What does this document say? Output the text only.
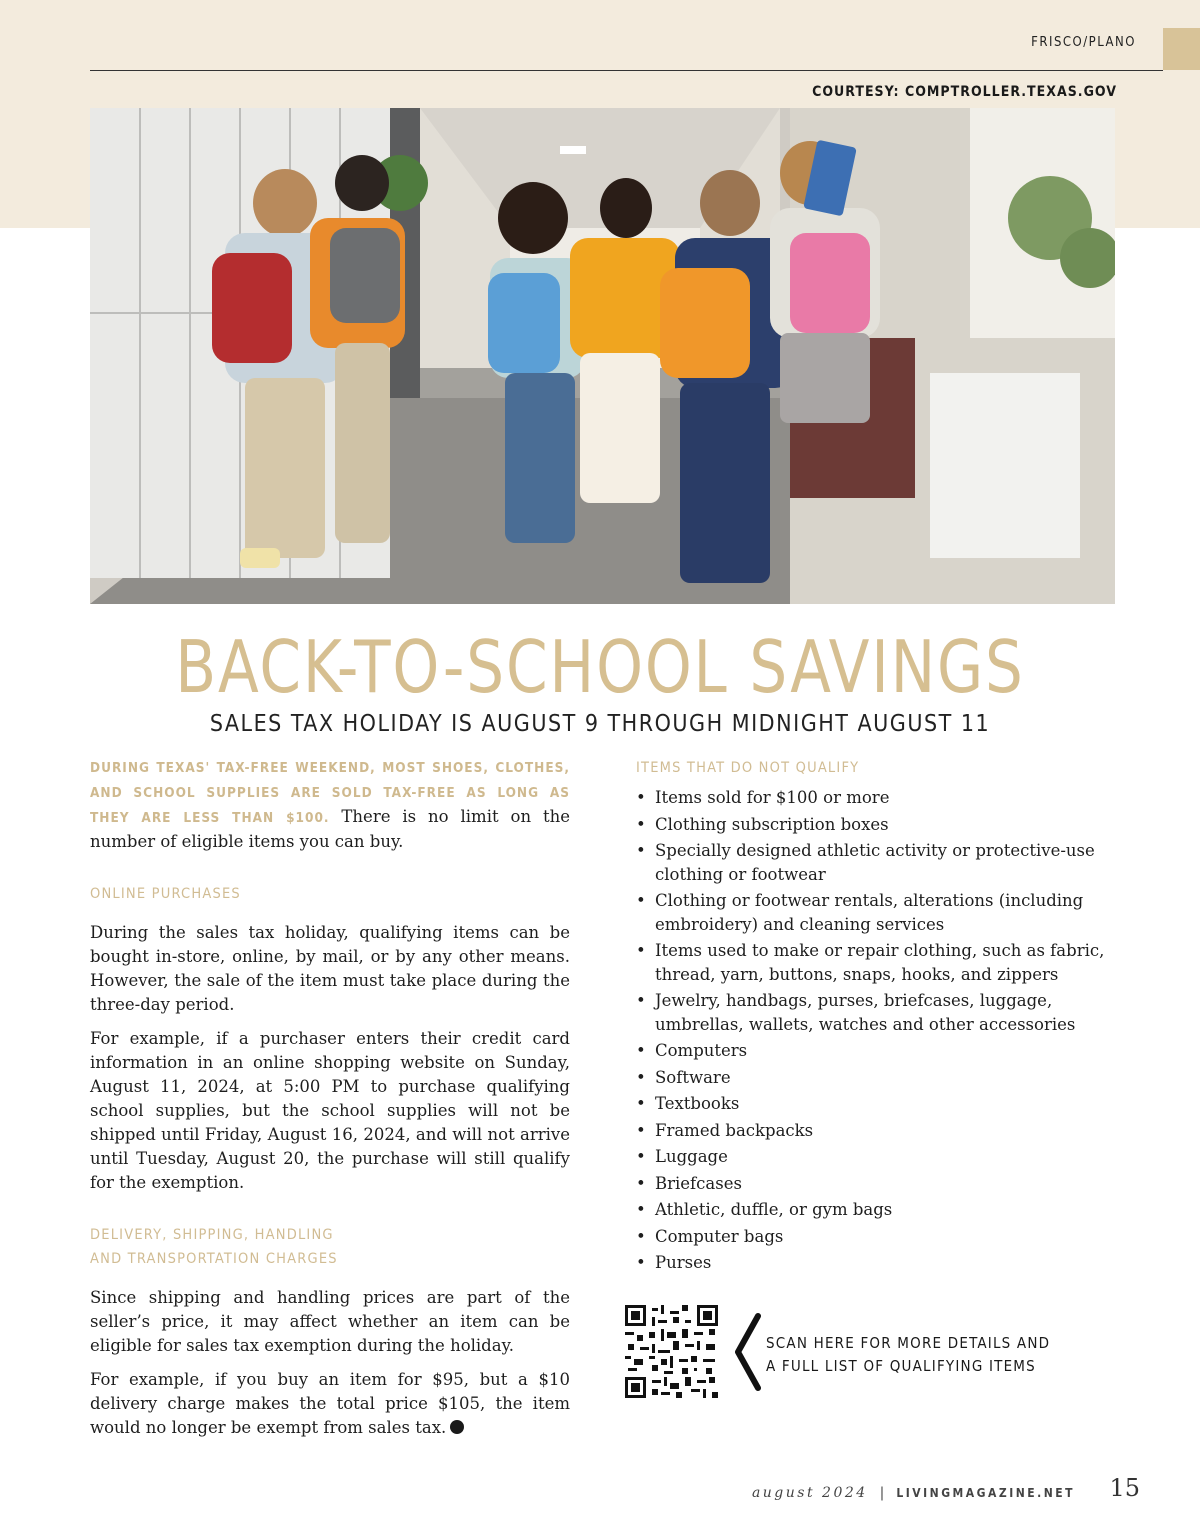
FRISCO/PLANO
COURTESY: COMPTROLLER.TEXAS.GOV
BACK-TO-SCHOOL SAVINGS
SALES TAX HOLIDAY IS AUGUST 9 THROUGH MIDNIGHT AUGUST 11

DURING TEXAS' TAX-FREE WEEKEND, MOST SHOES, CLOTHES, AND SCHOOL SUPPLIES ARE SOLD TAX-FREE AS LONG AS THEY ARE LESS THAN $100. There is no limit on the number of eligible items you can buy.

ONLINE PURCHASES

During the sales tax holiday, qualifying items can be bought in-store, online, by mail, or by any other means. However, the sale of the item must take place during the three-day period.

For example, if a purchaser enters their credit card information in an online shopping website on Sunday, August 11, 2024, at 5:00 PM to purchase qualifying school supplies, but the school supplies will not be shipped until Friday, August 16, 2024, and will not arrive until Tuesday, August 20, the purchase will still qualify for the exemption.

DELIVERY, SHIPPING, HANDLING
AND TRANSPORTATION CHARGES

Since shipping and handling prices are part of the seller’s price, it may affect whether an item can be eligible for sales tax exemption during the holiday.

For example, if you buy an item for $95, but a $10 delivery charge makes the total price $105, the item would no longer be exempt from sales tax.

ITEMS THAT DO NOT QUALIFY
• Items sold for $100 or more
• Clothing subscription boxes
• Specially designed athletic activity or protective-use clothing or footwear
• Clothing or footwear rentals, alterations (including embroidery) and cleaning services
• Items used to make or repair clothing, such as fabric, thread, yarn, buttons, snaps, hooks, and zippers
• Jewelry, handbags, purses, briefcases, luggage, umbrellas, wallets, watches and other accessories
• Computers
• Software
• Textbooks
• Framed backpacks
• Luggage
• Briefcases
• Athletic, duffle, or gym bags
• Computer bags
• Purses
SCAN HERE FOR MORE DETAILS AND
A FULL LIST OF QUALIFYING ITEMS
august 2024 | LIVINGMAGAZINE.NET	15
